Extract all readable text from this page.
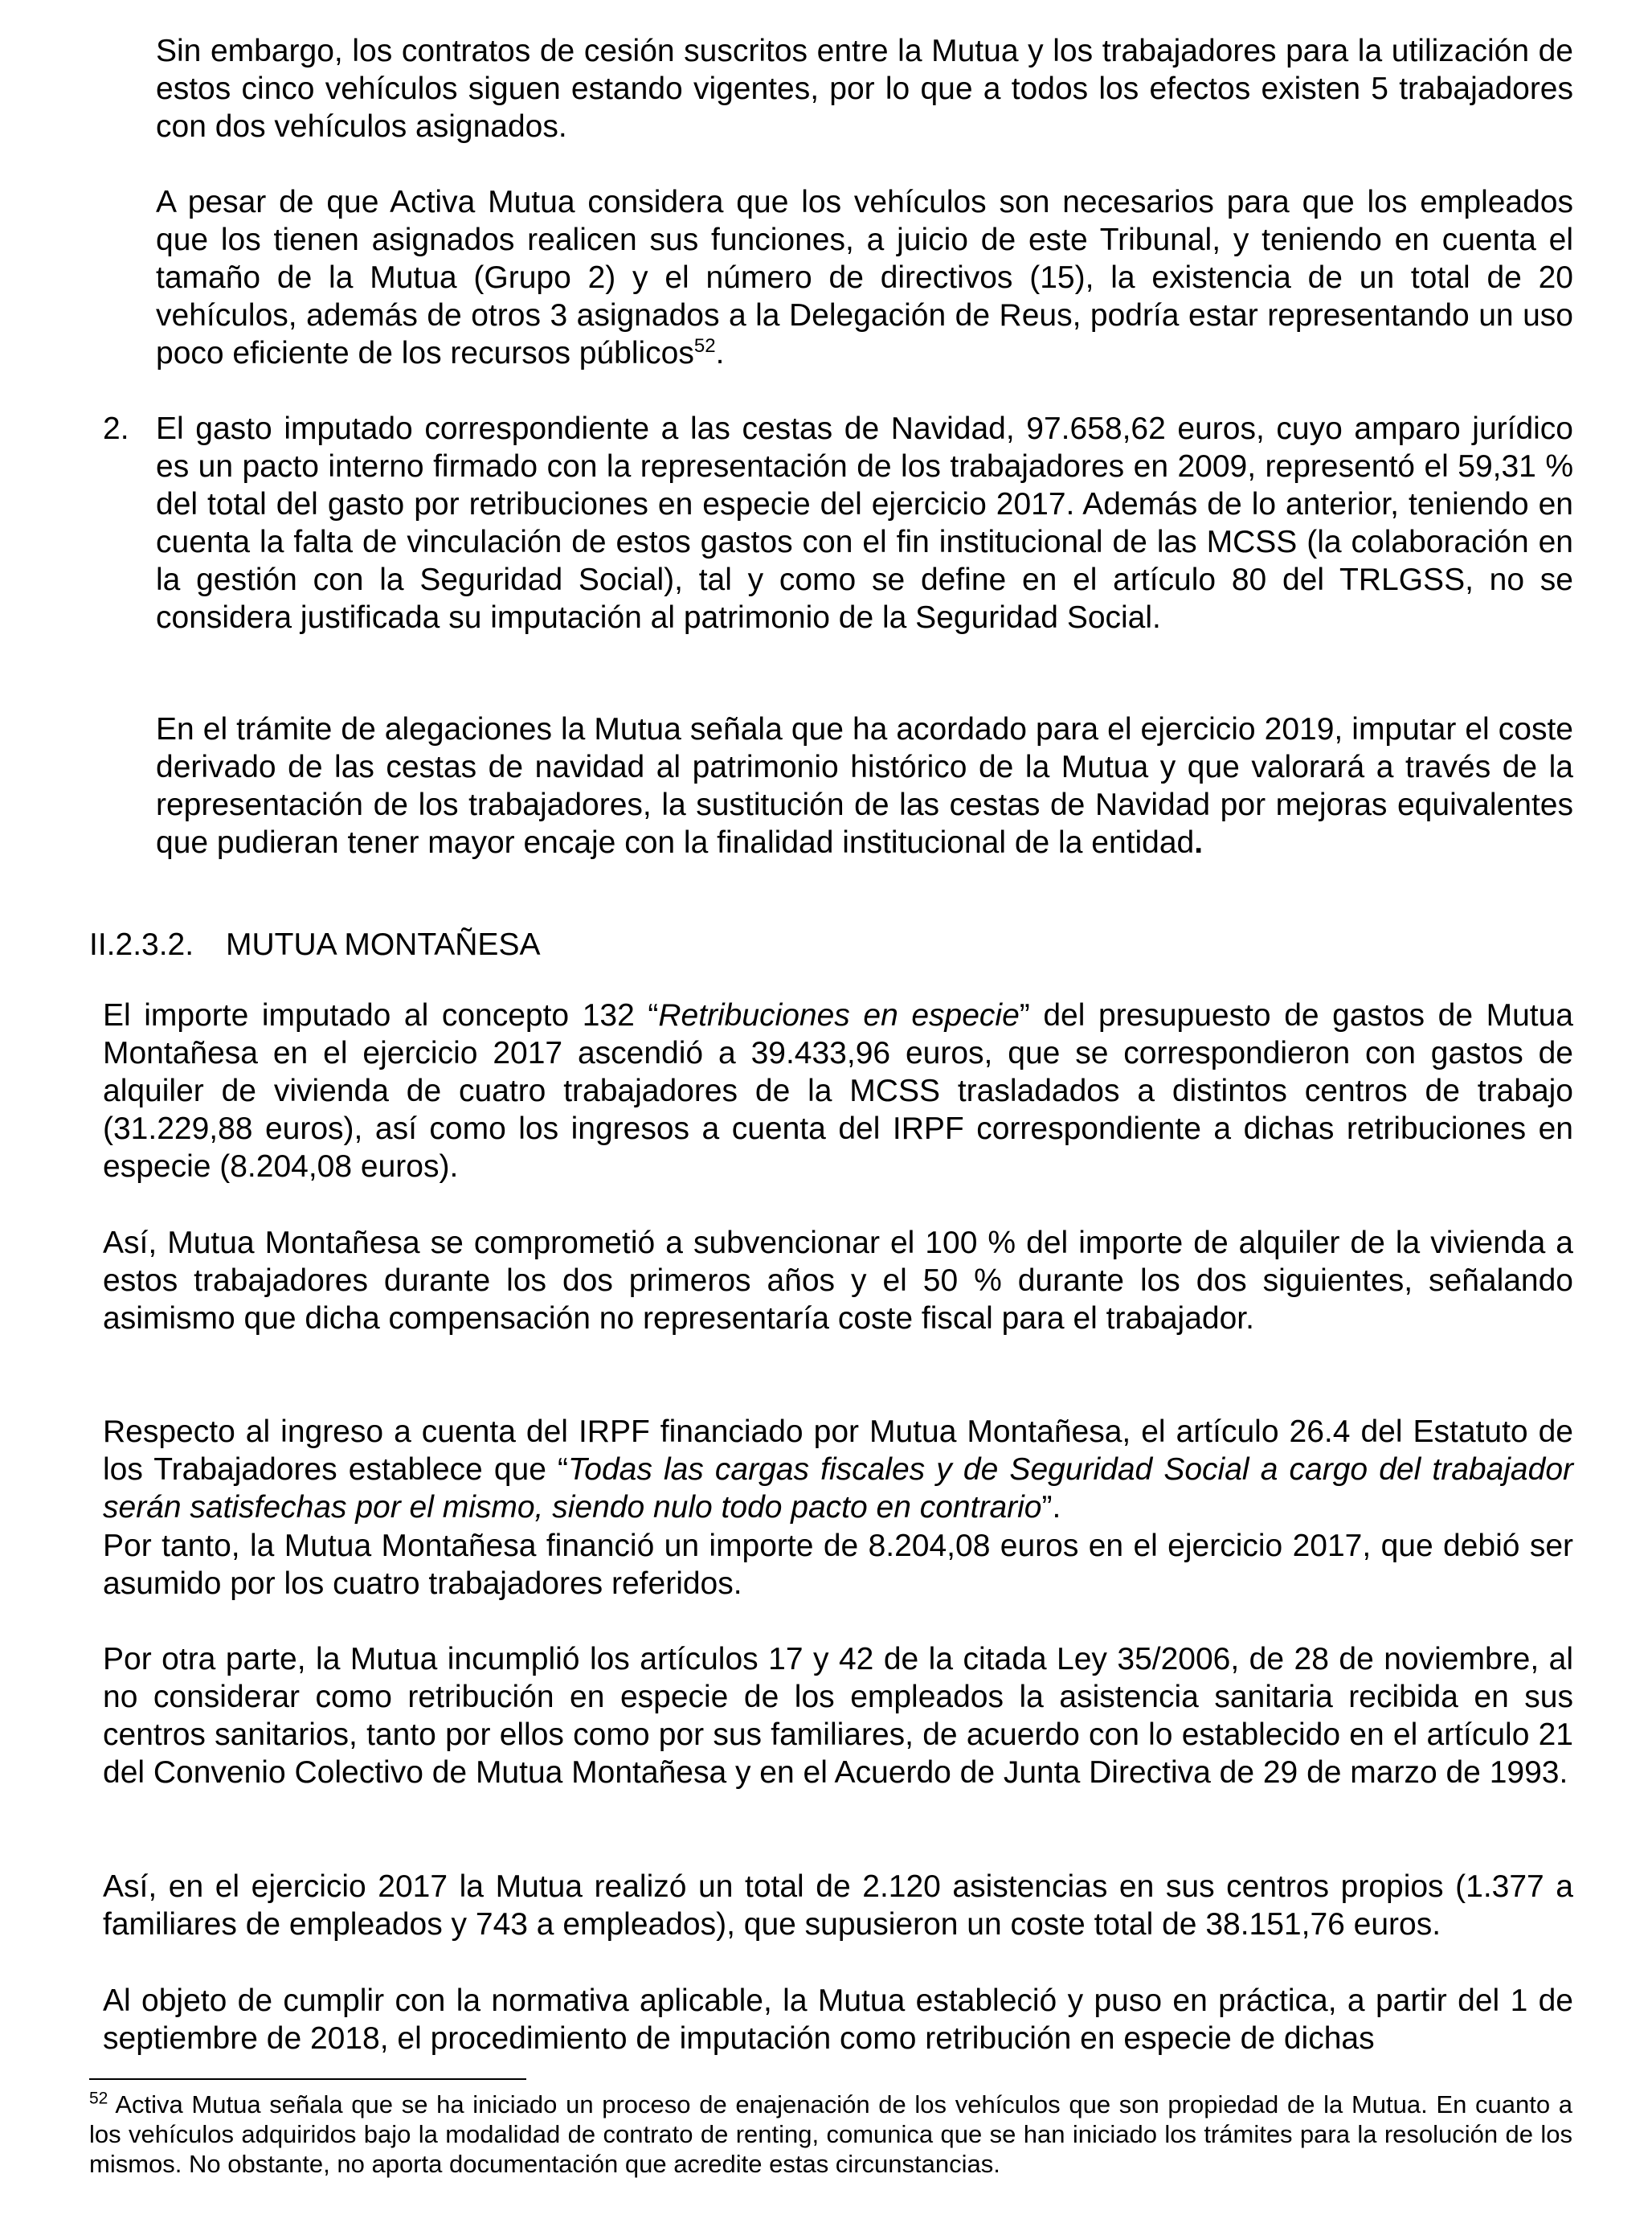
Sin embargo, los contratos de cesión suscritos entre la Mutua y los trabajadores para la utilización de estos cinco vehículos siguen estando vigentes, por lo que a todos los efectos existen 5 trabajadores con dos vehículos asignados.

A pesar de que Activa Mutua considera que los vehículos son necesarios para que los empleados que los tienen asignados realicen sus funciones, a juicio de este Tribunal, y teniendo en cuenta el tamaño de la Mutua (Grupo 2) y el número de directivos (15), la existencia de un total de 20 vehículos, además de otros 3 asignados a la Delegación de Reus, podría estar representando un uso poco eficiente de los recursos públicos$^{52}$.

2. El gasto imputado correspondiente a las cestas de Navidad, 97.658,62 euros, cuyo amparo jurídico es un pacto interno firmado con la representación de los trabajadores en 2009, representó el 59,31 % del total del gasto por retribuciones en especie del ejercicio 2017. Además de lo anterior, teniendo en cuenta la falta de vinculación de estos gastos con el fin institucional de las MCSS (la colaboración en la gestión con la Seguridad Social), tal y como se define en el artículo 80 del TRLGSS, no se considera justificada su imputación al patrimonio de la Seguridad Social.

En el trámite de alegaciones la Mutua señala que ha acordado para el ejercicio 2019, imputar el coste derivado de las cestas de navidad al patrimonio histórico de la Mutua y que valorará a través de la representación de los trabajadores, la sustitución de las cestas de Navidad por mejoras equivalentes que pudieran tener mayor encaje con la finalidad institucional de la entidad.

II.2.3.2. MUTUA MONTAÑESA

El importe imputado al concepto 132 “Retribuciones en especie” del presupuesto de gastos de Mutua Montañesa en el ejercicio 2017 ascendió a 39.433,96 euros, que se correspondieron con gastos de alquiler de vivienda de cuatro trabajadores de la MCSS trasladados a distintos centros de trabajo (31.229,88 euros), así como los ingresos a cuenta del IRPF correspondiente a dichas retribuciones en especie (8.204,08 euros).

Así, Mutua Montañesa se comprometió a subvencionar el 100 % del importe de alquiler de la vivienda a estos trabajadores durante los dos primeros años y el 50 % durante los dos siguientes, señalando asimismo que dicha compensación no representaría coste fiscal para el trabajador.

Respecto al ingreso a cuenta del IRPF financiado por Mutua Montañesa, el artículo 26.4 del Estatuto de los Trabajadores establece que “Todas las cargas fiscales y de Seguridad Social a cargo del trabajador serán satisfechas por el mismo, siendo nulo todo pacto en contrario”.

Por tanto, la Mutua Montañesa financió un importe de 8.204,08 euros en el ejercicio 2017, que debió ser asumido por los cuatro trabajadores referidos.

Por otra parte, la Mutua incumplió los artículos 17 y 42 de la citada Ley 35/2006, de 28 de noviembre, al no considerar como retribución en especie de los empleados la asistencia sanitaria recibida en sus centros sanitarios, tanto por ellos como por sus familiares, de acuerdo con lo establecido en el artículo 21 del Convenio Colectivo de Mutua Montañesa y en el Acuerdo de Junta Directiva de 29 de marzo de 1993.

Así, en el ejercicio 2017 la Mutua realizó un total de 2.120 asistencias en sus centros propios (1.377 a familiares de empleados y 743 a empleados), que supusieron un coste total de 38.151,76 euros.

Al objeto de cumplir con la normativa aplicable, la Mutua estableció y puso en práctica, a partir del 1 de septiembre de 2018, el procedimiento de imputación como retribución en especie de dichas

$^{52}$ Activa Mutua señala que se ha iniciado un proceso de enajenación de los vehículos que son propiedad de la Mutua. En cuanto a los vehículos adquiridos bajo la modalidad de contrato de renting, comunica que se han iniciado los trámites para la resolución de los mismos. No obstante, no aporta documentación que acredite estas circunstancias.
